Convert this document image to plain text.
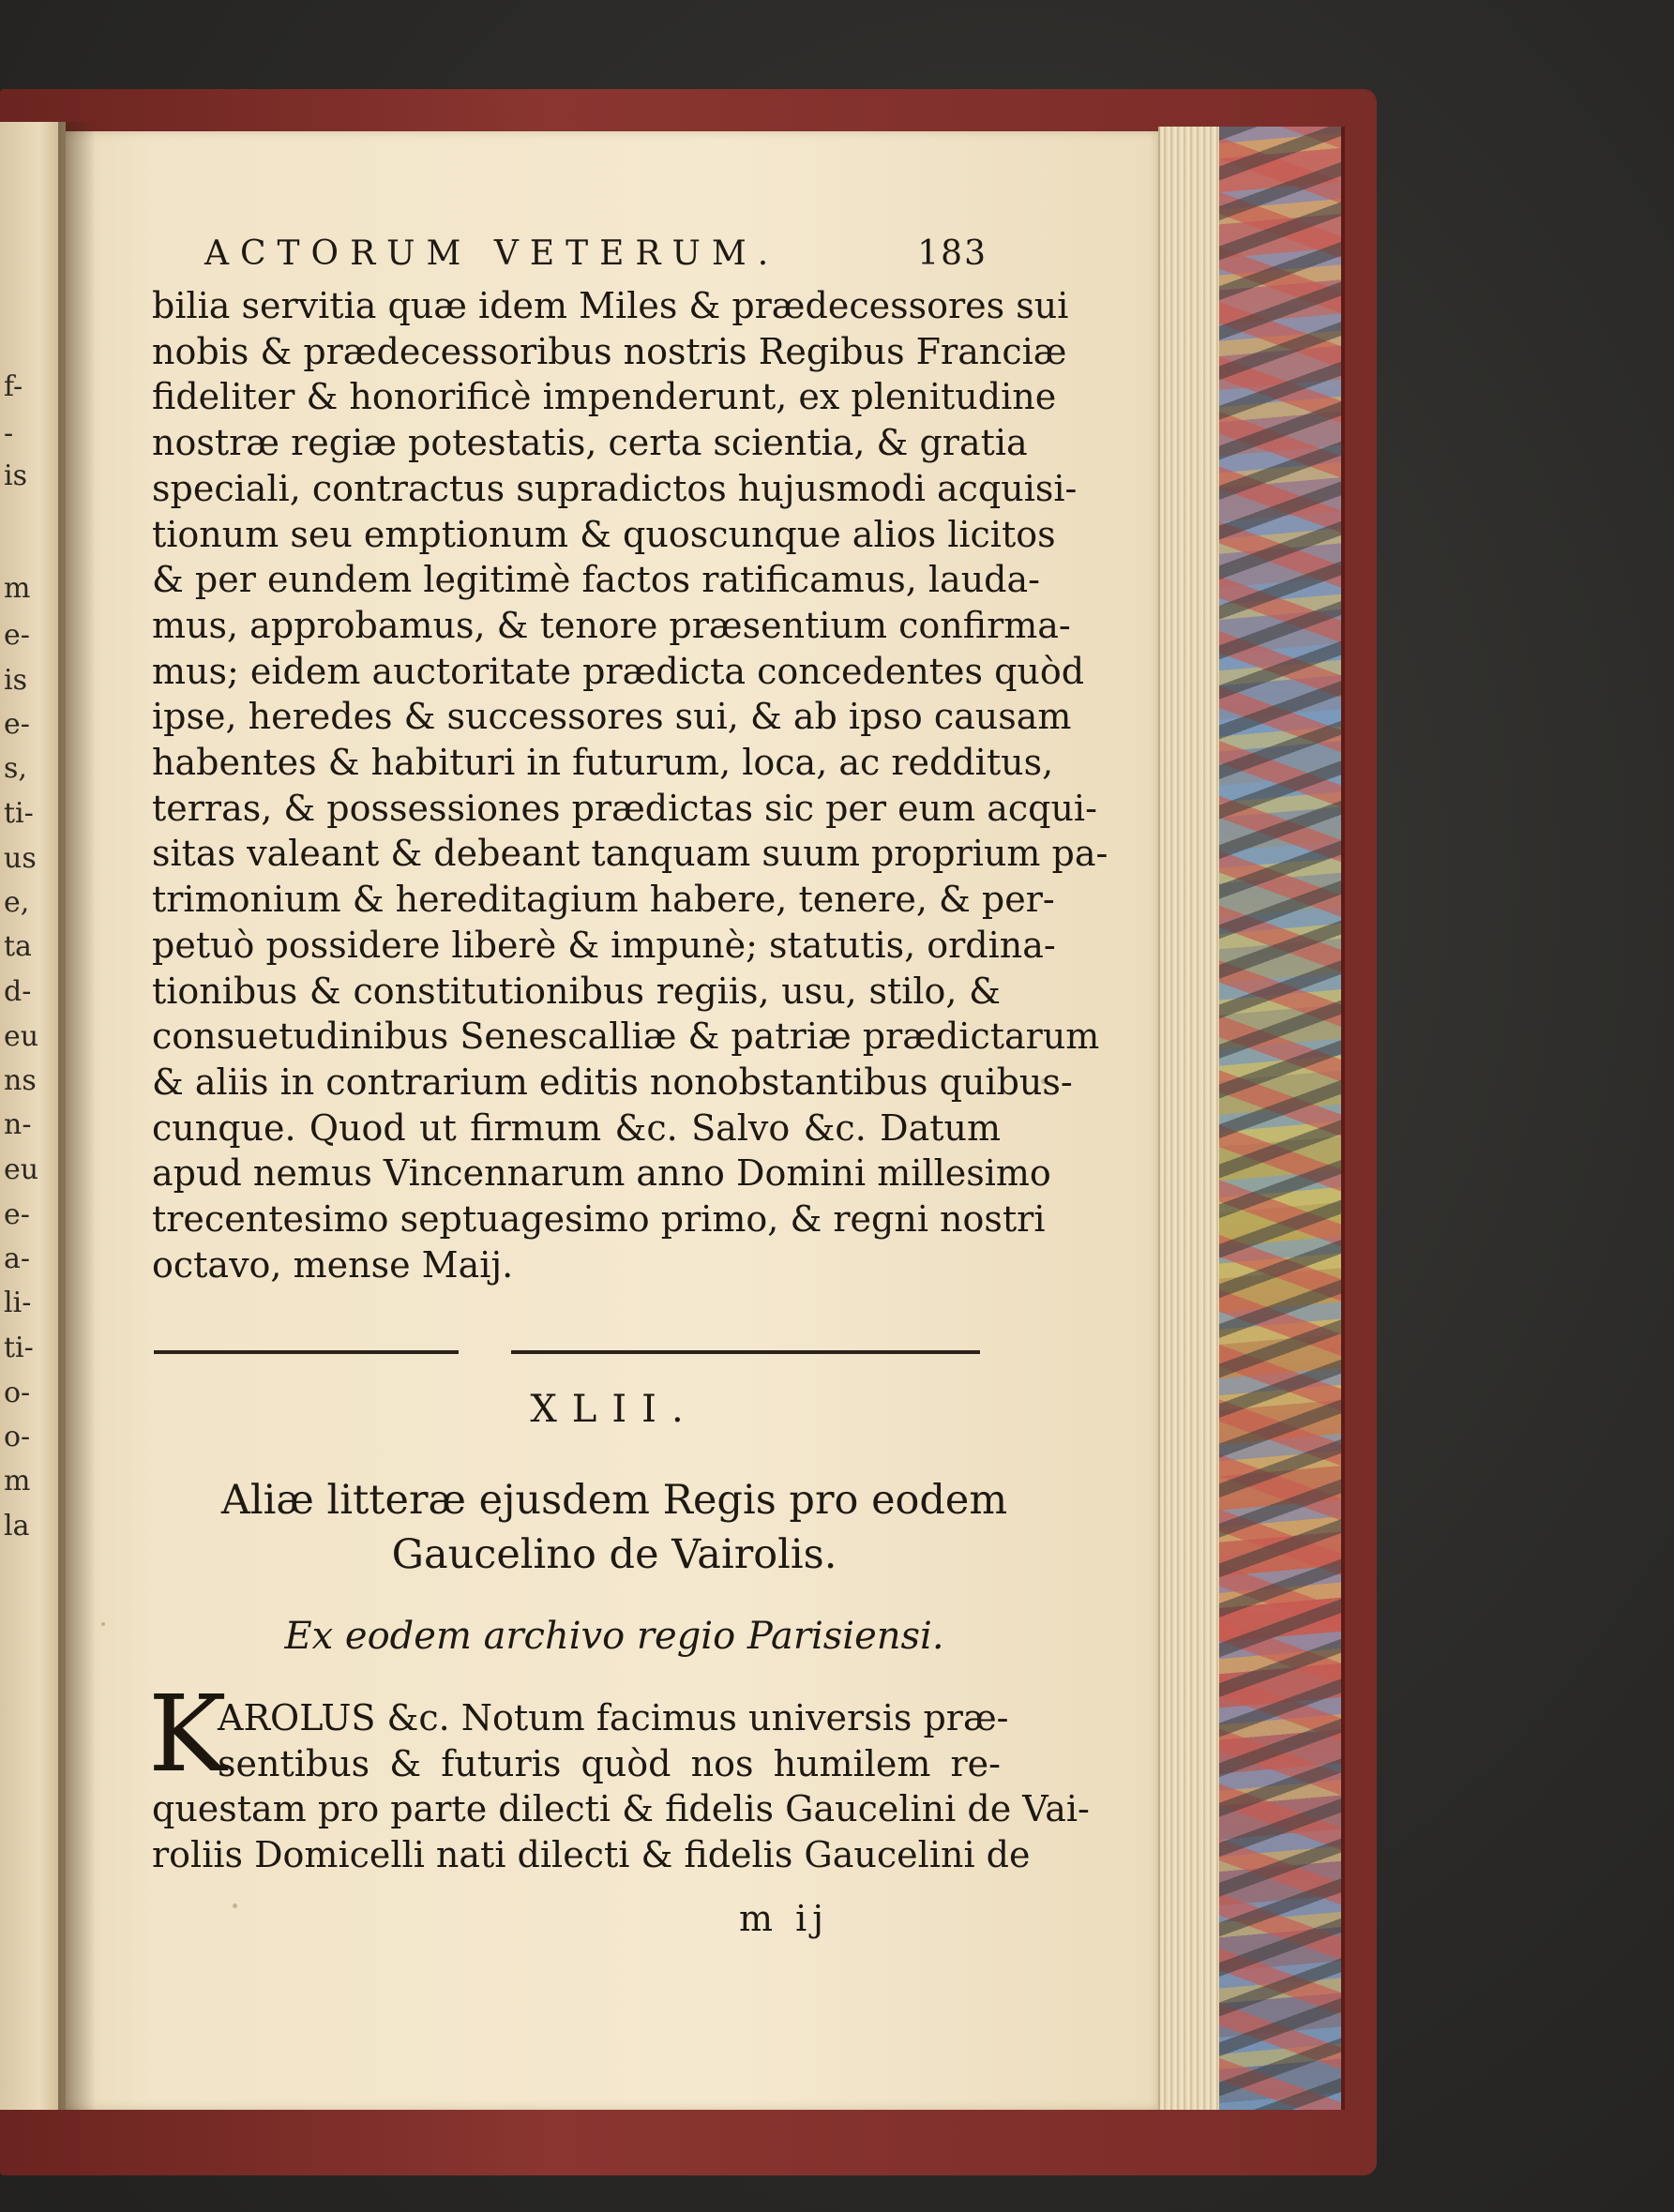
f-
-
is
m
e-
is
e-
s,
ti-
us
e,
ta
d-
eu
ns
n-
eu
e-
a-
li-
ti-
o-
o-
m
la
ACTORUM VETERUM.	183
bilia servitia quæ idem Miles & prædecessores sui
nobis & prædecessoribus nostris Regibus Franciæ
fideliter & honorificè impenderunt, ex plenitudine
nostræ regiæ potestatis, certa scientia, & gratia
speciali, contractus supradictos hujusmodi acquisi-
tionum seu emptionum & quoscunque alios licitos
& per eundem legitimè factos ratificamus, lauda-
mus, approbamus, & tenore præsentium confirma-
mus; eidem auctoritate prædicta concedentes quòd
ipse, heredes & successores sui, & ab ipso causam
habentes & habituri in futurum, loca, ac redditus,
terras, & possessiones prædictas sic per eum acqui-
sitas valeant & debeant tanquam suum proprium pa-
trimonium & hereditagium habere, tenere, & per-
petuò possidere liberè & impunè; statutis, ordina-
tionibus & constitutionibus regiis, usu, stilo, &
consuetudinibus Senescalliæ & patriæ prædictarum
& aliis in contrarium editis nonobstantibus quibus-
cunque. Quod ut firmum &c. Salvo &c. Datum
apud nemus Vincennarum anno Domini millesimo
trecentesimo septuagesimo primo, & regni nostri
octavo, mense Maij.
XLII.
Aliæ litteræ ejusdem Regis pro eodem
Gaucelino de Vairolis.
Ex eodem archivo regio Parisiensi.
K
AROLUS &c. Notum facimus universis præ-
sentibus & futuris quòd nos humilem re-
questam pro parte dilecti & fidelis Gaucelini de Vai-
roliis Domicelli nati dilecti & fidelis Gaucelini de
m ij
